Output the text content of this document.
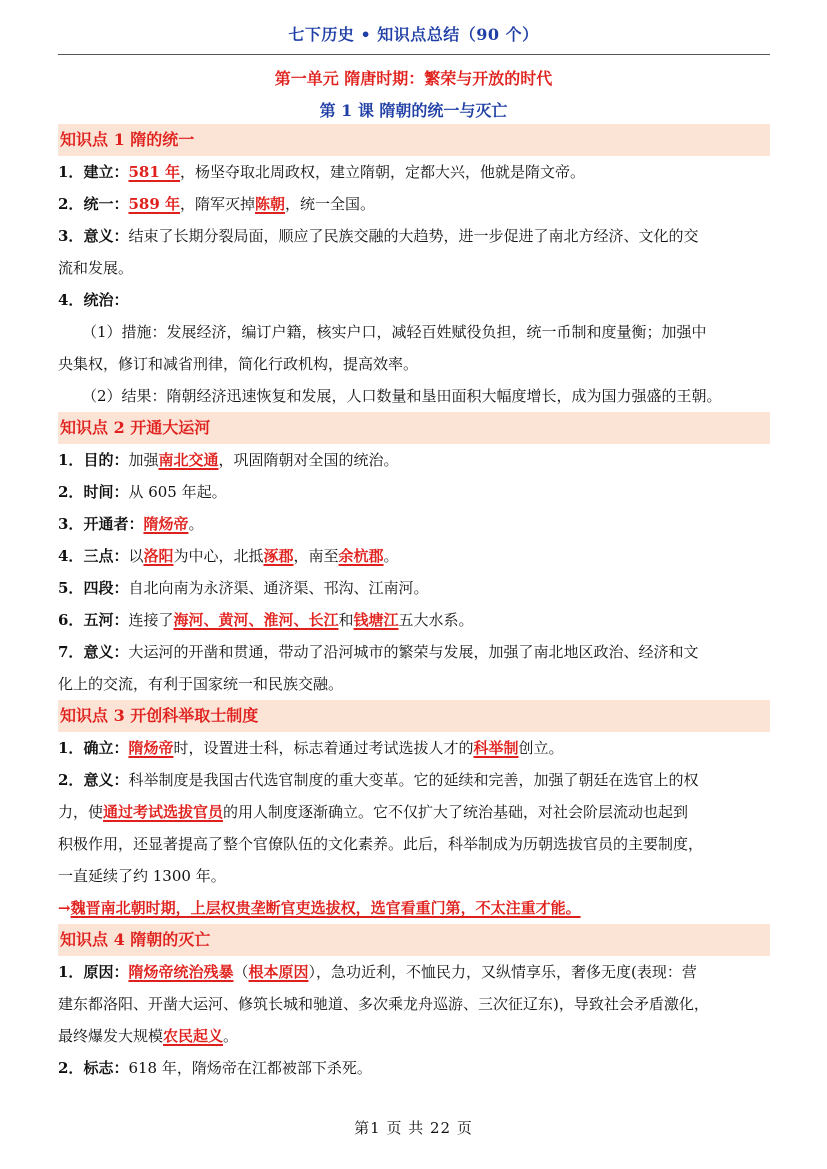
七下历史 • 知识点总结（90 个）
第一单元 隋唐时期：繁荣与开放的时代
第 1 课 隋朝的统一与灭亡
知识点 1 隋的统一
1．建立：581 年，杨坚夺取北周政权，建立隋朝，定都大兴，他就是隋文帝。
2．统一：589 年，隋军灭掉陈朝，统一全国。
3．意义：结束了长期分裂局面，顺应了民族交融的大趋势，进一步促进了南北方经济、文化的交
流和发展。
4．统治：
（1）措施：发展经济，编订户籍，核实户口，减轻百姓赋役负担，统一币制和度量衡；加强中
央集权，修订和减省刑律，简化行政机构，提高效率。
（2）结果：隋朝经济迅速恢复和发展，人口数量和垦田面积大幅度增长，成为国力强盛的王朝。
知识点 2 开通大运河
1．目的：加强南北交通，巩固隋朝对全国的统治。
2．时间：从 605 年起。
3．开通者：隋炀帝。
4．三点：以洛阳为中心，北抵涿郡，南至余杭郡。
5．四段：自北向南为永济渠、通济渠、邗沟、江南河。
6．五河：连接了海河、黄河、淮河、长江和钱塘江五大水系。
7．意义：大运河的开凿和贯通，带动了沿河城市的繁荣与发展，加强了南北地区政治、经济和文
化上的交流，有利于国家统一和民族交融。
知识点 3 开创科举取士制度
1．确立：隋炀帝时，设置进士科，标志着通过考试选拔人才的科举制创立。
2．意义：科举制度是我国古代选官制度的重大变革。它的延续和完善，加强了朝廷在选官上的权
力，使通过考试选拔官员的用人制度逐渐确立。它不仅扩大了统治基础，对社会阶层流动也起到
积极作用，还显著提高了整个官僚队伍的文化素养。此后，科举制成为历朝选拔官员的主要制度，
一直延续了约 1300 年。
→魏晋南北朝时期，上层权贵垄断官吏选拔权，选官看重门第，不太注重才能。
知识点 4 隋朝的灭亡
1．原因：隋炀帝统治残暴（根本原因），急功近利，不恤民力，又纵情享乐，奢侈无度(表现：营
建东都洛阳、开凿大运河、修筑长城和驰道、多次乘龙舟巡游、三次征辽东)，导致社会矛盾激化，
最终爆发大规模农民起义。
2．标志：618 年，隋炀帝在江都被部下杀死。
第1 页 共 22 页
